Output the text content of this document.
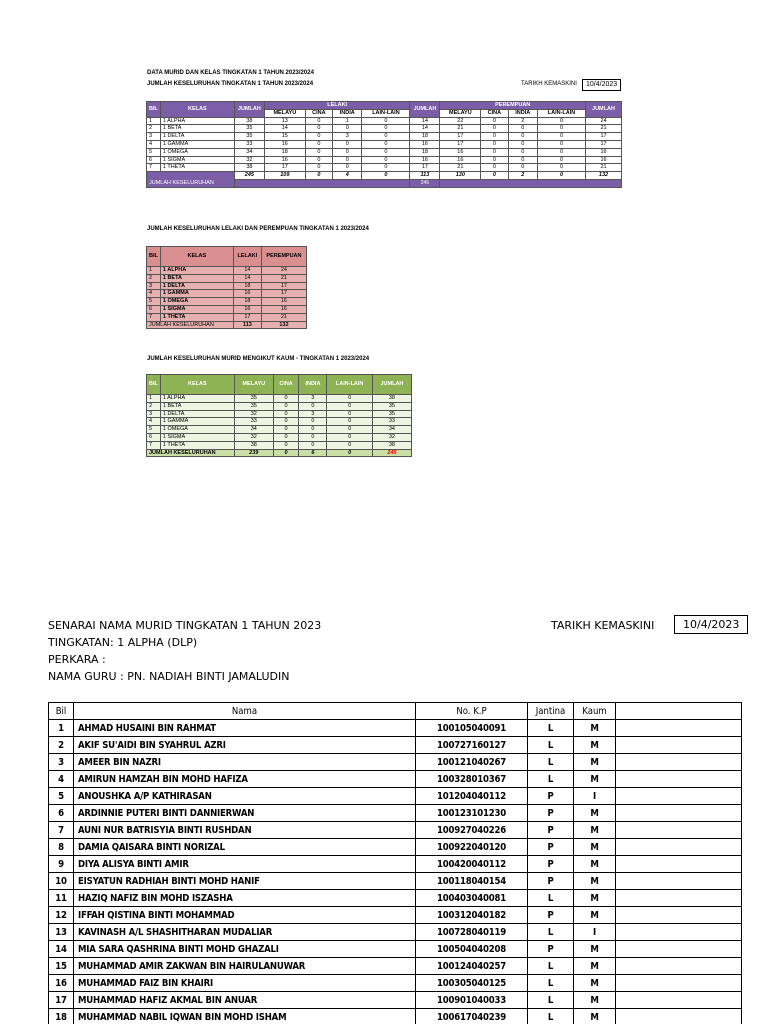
DATA MURID DAN KELAS TINGKATAN 1 TAHUN 2023/2024
JUMLAH KESELURUHAN TINGKATAN 1 TAHUN 2023/2024	TARIKH KEMASKINI	10/4/2023
BIL	KELAS	JUMLAH	LELAKI				JUMLAH	PEREMPUAN				JUMLAH
			MELAYU	CINA	INDIA	LAIN-LAIN		MELAYU	CINA	INDIA	LAIN-LAIN	
1	1 ALPHA	38	13	0	1	0	14	22	0	2	0	24
2	1 BETA	35	14	0	0	0	14	21	0	0	0	21
3	1 DELTA	35	15	0	3	0	18	17	0	0	0	17
4	1 GAMMA	33	16	0	0	0	16	17	0	0	0	17
5	1 OMEGA	34	18	0	0	0	18	16	0	0	0	16
6	1 SIGMA	32	16	0	0	0	16	16	0	0	0	16
7	1 THETA	38	17	0	0	0	17	21	0	0	0	21
JUMLAH KESELURUHAN		245	109	0	4	0	113	130	0	2	0	132
							245					
JUMLAH KESELURUHAN LELAKI DAN PEREMPUAN TINGKATAN 1 2023/2024
BIL	KELAS	LELAKI	PEREMPUAN
1	1 ALPHA	14	24
2	1 BETA	14	21
3	1 DELTA	18	17
4	1 GAMMA	16	17
5	1 OMEGA	18	16
6	1 SIGMA	16	16
7	1 THETA	17	21
JUMLAH KESELURUHAN		113	132
JUMLAH KESELURUHAN MURID MENGIKUT KAUM - TINGKATAN 1 2023/2024
BIL	KELAS	MELAYU	CINA	INDIA	LAIN-LAIN	JUMLAH
1	1 ALPHA	35	0	3	0	38
2	1 BETA	35	0	0	0	35
3	1 DELTA	32	0	3	0	35
4	1 GAMMA	33	0	0	0	33
5	1 OMEGA	34	0	0	0	34
6	1 SIGMA	32	0	0	0	32
7	1 THETA	38	0	0	0	38
JUMLAH KESELURUHAN		239	0	6	0	245
SENARAI NAMA MURID TINGKATAN 1 TAHUN 2023
TINGKATAN: 1 ALPHA (DLP)
PERKARA :
NAMA GURU : PN. NADIAH BINTI JAMALUDIN
TARIKH KEMASKINI	10/4/2023
Bil	Nama	No. K.P	Jantina	Kaum	
1	AHMAD HUSAINI BIN RAHMAT	100105040091	L	M	
2	AKIF SU'AIDI BIN SYAHRUL AZRI	100727160127	L	M	
3	AMEER BIN NAZRI	100121040267	L	M	
4	AMIRUN HAMZAH BIN MOHD HAFIZA	100328010367	L	M	
5	ANOUSHKA A/P KATHIRASAN	101204040112	P	I	
6	ARDINNIE PUTERI BINTI DANNIERWAN	100123101230	P	M	
7	AUNI NUR BATRISYIA BINTI RUSHDAN	100927040226	P	M	
8	DAMIA QAISARA BINTI NORIZAL	100922040120	P	M	
9	DIYA ALISYA BINTI AMIR	100420040112	P	M	
10	EISYATUN RADHIAH BINTI MOHD HANIF	100118040154	P	M	
11	HAZIQ NAFIZ BIN MOHD ISZASHA	100403040081	L	M	
12	IFFAH QISTINA BINTI MOHAMMAD	100312040182	P	M	
13	KAVINASH A/L SHASHITHARAN MUDALIAR	100728040119	L	I	
14	MIA SARA QASHRINA BINTI MOHD GHAZALI	100504040208	P	M	
15	MUHAMMAD AMIR ZAKWAN BIN HAIRULANUWAR	100124040257	L	M	
16	MUHAMMAD FAIZ BIN KHAIRI	100305040125	L	M	
17	MUHAMMAD HAFIZ AKMAL BIN ANUAR	100901040033	L	M	
18	MUHAMMAD NABIL IQWAN BIN MOHD ISHAM	100617040239	L	M	
